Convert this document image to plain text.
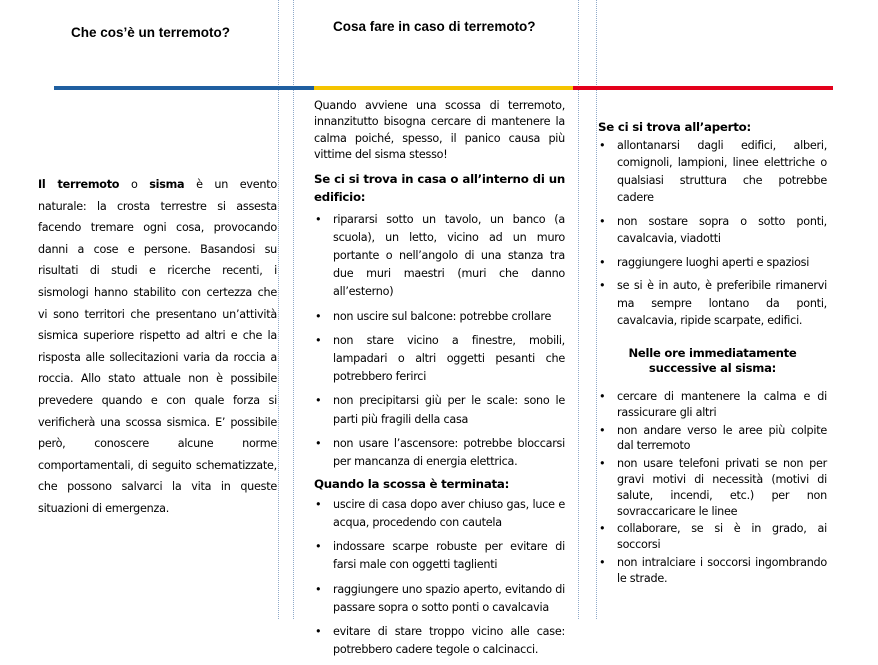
Che cos’è un terremoto?	Cosa fare in caso di terremoto?

Il terremoto o sisma è un evento naturale: la crosta terrestre si assesta facendo tremare ogni cosa, provocando danni a cose e persone. Basandosi su risultati di studi e ricerche recenti, i sismologi hanno stabilito con certezza che vi sono territori che presentano un’attività sismica superiore rispetto ad altri e che la risposta alle sollecitazioni varia da roccia a roccia. Allo stato attuale non è possibile prevedere quando e con quale forza si verificherà una scossa sismica. E’ possibile però, conoscere alcune norme comportamentali, di seguito schematizzate, che possono salvarci la vita in queste situazioni di emergenza.

Quando avviene una scossa di terremoto, innanzitutto bisogna cercare di mantenere la calma poiché, spesso, il panico causa più vittime del sisma stesso!

Se ci si trova in casa o all’interno di un edificio:

• ripararsi sotto un tavolo, un banco (a scuola), un letto, vicino ad un muro portante o nell’angolo di una stanza tra due muri maestri (muri che danno all’esterno)
• non uscire sul balcone: potrebbe crollare
• non stare vicino a finestre, mobili, lampadari o altri oggetti pesanti che potrebbero ferirci
• non precipitarsi giù per le scale: sono le parti più fragili della casa
• non usare l’ascensore: potrebbe bloccarsi per mancanza di energia elettrica.

Quando la scossa è terminata:

• uscire di casa dopo aver chiuso gas, luce e acqua, procedendo con cautela
• indossare scarpe robuste per evitare di farsi male con oggetti taglienti
• raggiungere uno spazio aperto, evitando di passare sopra o sotto ponti o cavalcavia
• evitare di stare troppo vicino alle case: potrebbero cadere tegole o calcinacci.

Se ci si trova all’aperto:

• allontanarsi dagli edifici, alberi, comignoli, lampioni, linee elettriche o qualsiasi struttura che potrebbe cadere
• non sostare sopra o sotto ponti, cavalcavia, viadotti
• raggiungere luoghi aperti e spaziosi
• se si è in auto, è preferibile rimanervi ma sempre lontano da ponti, cavalcavia, ripide scarpate, edifici.

Nelle ore immediatamente successive al sisma:

• cercare di mantenere la calma e di rassicurare gli altri
• non andare verso le aree più colpite dal terremoto
• non usare telefoni privati se non per gravi motivi di necessità (motivi di salute, incendi, etc.) per non sovraccaricare le linee
• collaborare, se si è in grado, ai soccorsi
• non intralciare i soccorsi ingombrando le strade.
